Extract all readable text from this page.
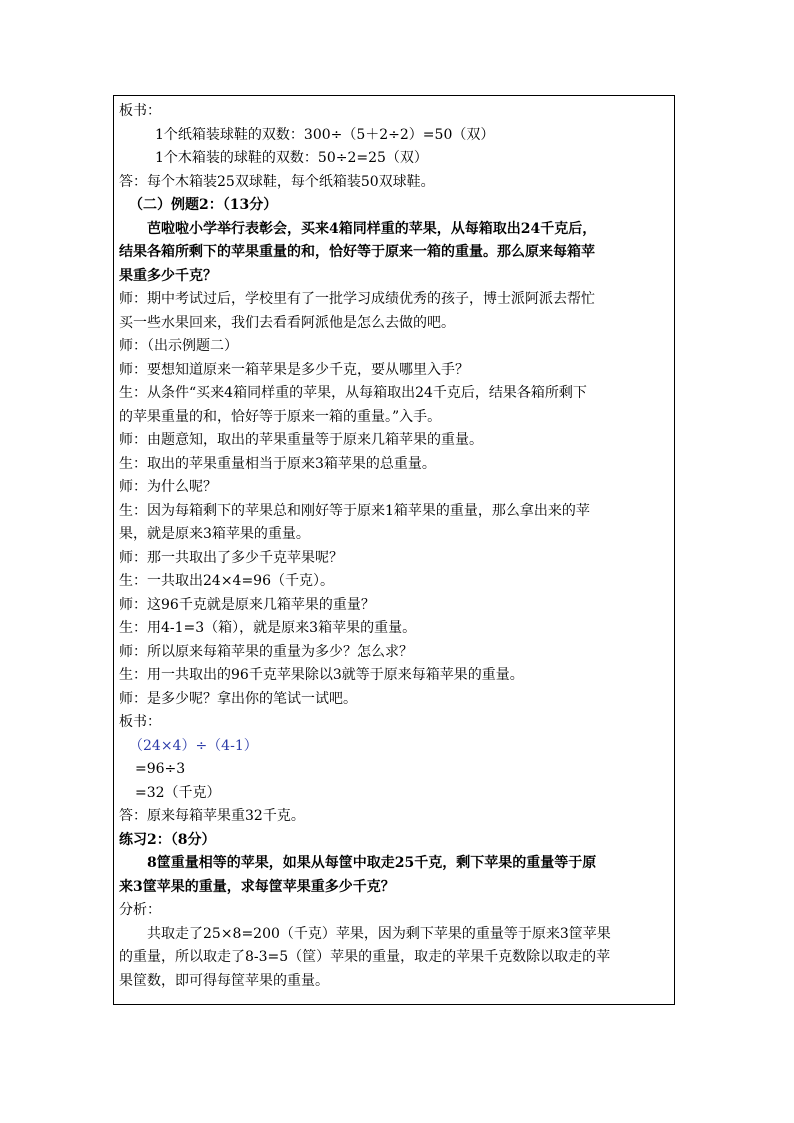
板书：
1个纸箱装球鞋的双数：300÷（5＋2÷2）=50（双）
1个木箱装的球鞋的双数：50÷2=25（双）
答：每个木箱装25双球鞋，每个纸箱装50双球鞋。
（二）例题2：（13分）
芭啦啦小学举行表彰会，买来4箱同样重的苹果，从每箱取出24千克后，
结果各箱所剩下的苹果重量的和，恰好等于原来一箱的重量。那么原来每箱苹
果重多少千克？
师：期中考试过后，学校里有了一批学习成绩优秀的孩子，博士派阿派去帮忙
买一些水果回来，我们去看看阿派他是怎么去做的吧。
师：（出示例题二）
师：要想知道原来一箱苹果是多少千克，要从哪里入手？
生：从条件“买来4箱同样重的苹果，从每箱取出24千克后，结果各箱所剩下
的苹果重量的和，恰好等于原来一箱的重量。”入手。
师：由题意知，取出的苹果重量等于原来几箱苹果的重量。
生：取出的苹果重量相当于原来3箱苹果的总重量。
师：为什么呢？
生：因为每箱剩下的苹果总和刚好等于原来1箱苹果的重量，那么拿出来的苹
果，就是原来3箱苹果的重量。
师：那一共取出了多少千克苹果呢？
生：一共取出24×4=96（千克）。
师：这96千克就是原来几箱苹果的重量？
生：用4-1=3（箱），就是原来3箱苹果的重量。
师：所以原来每箱苹果的重量为多少？怎么求？
生：用一共取出的96千克苹果除以3就等于原来每箱苹果的重量。
师：是多少呢？拿出你的笔试一试吧。
板书：
（24×4）÷（4-1）
=96÷3
=32（千克）
答：原来每箱苹果重32千克。
练习2：（8分）
8筐重量相等的苹果，如果从每筐中取走25千克，剩下苹果的重量等于原
来3筐苹果的重量，求每筐苹果重多少千克？
分析：
共取走了25×8=200（千克）苹果，因为剩下苹果的重量等于原来3筐苹果
的重量，所以取走了8-3=5（筐）苹果的重量，取走的苹果千克数除以取走的苹
果筐数，即可得每筐苹果的重量。
